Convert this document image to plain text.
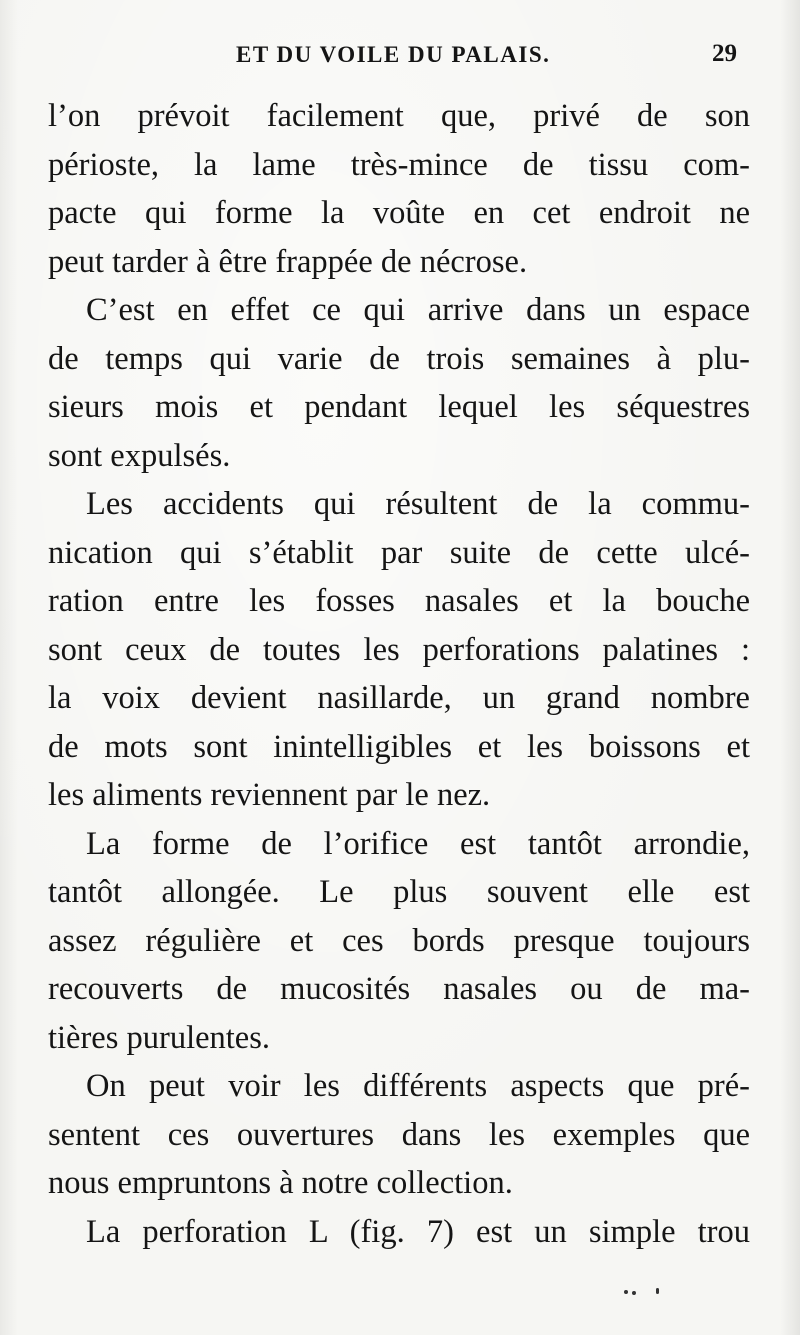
ET DU VOILE DU PALAIS.	29
l’on prévoit facilement que, privé de son
périoste, la lame très-mince de tissu com-
pacte qui forme la voûte en cet endroit ne
peut tarder à être frappée de nécrose.
C’est en effet ce qui arrive dans un espace
de temps qui varie de trois semaines à plu-
sieurs mois et pendant lequel les séquestres
sont expulsés.
Les accidents qui résultent de la commu-
nication qui s’établit par suite de cette ulcé-
ration entre les fosses nasales et la bouche
sont ceux de toutes les perforations palatines :
la voix devient nasillarde, un grand nombre
de mots sont inintelligibles et les boissons et
les aliments reviennent par le nez.
La forme de l’orifice est tantôt arrondie,
tantôt allongée. Le plus souvent elle est
assez régulière et ces bords presque toujours
recouverts de mucosités nasales ou de ma-
tières purulentes.
On peut voir les différents aspects que pré-
sentent ces ouvertures dans les exemples que
nous empruntons à notre collection.
La perforation L (fig. 7) est un simple trou
